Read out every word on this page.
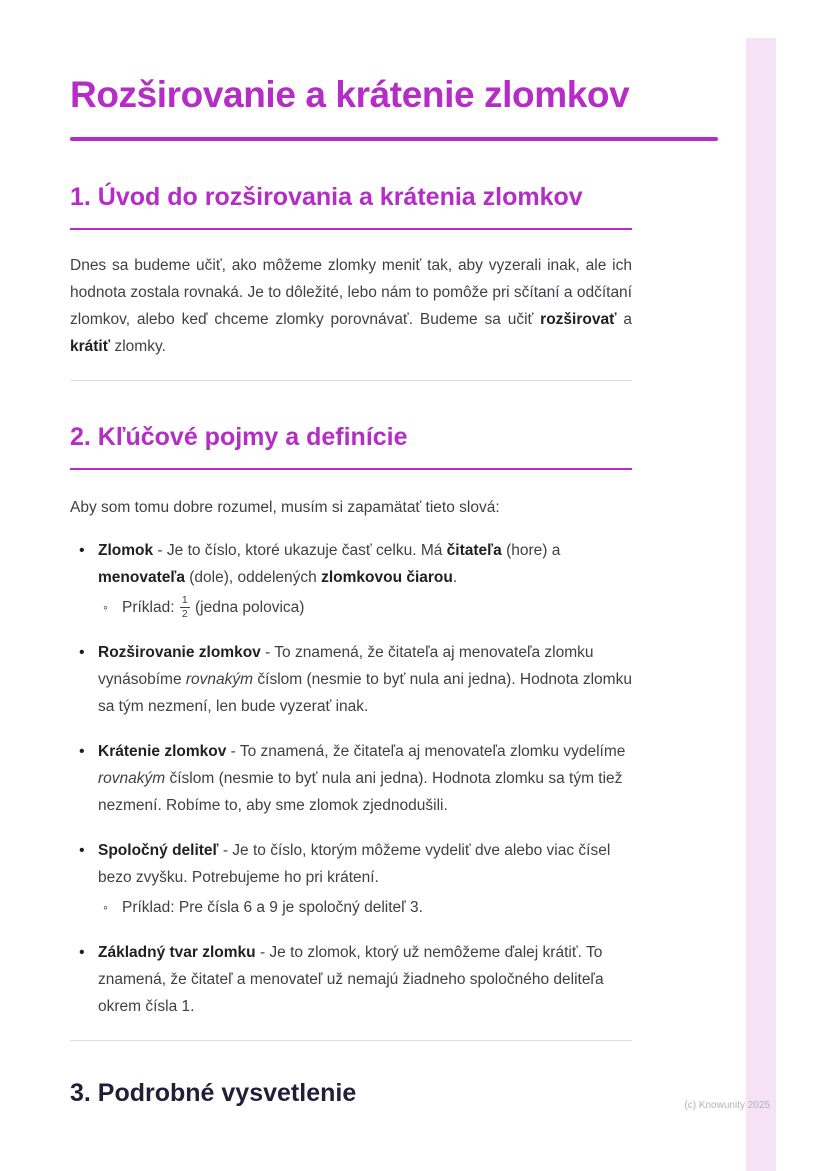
Rozširovanie a krátenie zlomkov
1. Úvod do rozširovania a krátenia zlomkov

Dnes sa budeme učiť, ako môžeme zlomky meniť tak, aby vyzerali inak, ale ich hodnota zostala rovnaká. Je to dôležité, lebo nám to pomôže pri sčítaní a odčítaní zlomkov, alebo keď chceme zlomky porovnávať. Budeme sa učiť rozširovať a krátiť zlomky.

2. Kľúčové pojmy a definície

Aby som tomu dobre rozumel, musím si zapamätať tieto slová:

• Zlomok - Je to číslo, ktoré ukazuje časť celku. Má čitateľa (hore) a menovateľa (dole), oddelených zlomkovou čiarou.
◦ Príklad: $\frac{1}{2}$ (jedna polovica)
• Rozširovanie zlomkov - To znamená, že čitateľa aj menovateľa zlomku vynásobíme rovnakým číslom (nesmie to byť nula ani jedna). Hodnota zlomku sa tým nezmení, len bude vyzerať inak.
• Krátenie zlomkov - To znamená, že čitateľa aj menovateľa zlomku vydelíme rovnakým číslom (nesmie to byť nula ani jedna). Hodnota zlomku sa tým tiež nezmení. Robíme to, aby sme zlomok zjednodušili.
• Spoločný deliteľ - Je to číslo, ktorým môžeme vydeliť dve alebo viac čísel bezo zvyšku. Potrebujeme ho pri krátení.
◦ Príklad: Pre čísla 6 a 9 je spoločný deliteľ 3.
• Základný tvar zlomku - Je to zlomok, ktorý už nemôžeme ďalej krátiť. To znamená, že čitateľ a menovateľ už nemajú žiadneho spoločného deliteľa okrem čísla 1.
3. Podrobné vysvetlenie	(c) Knowunity 2025
